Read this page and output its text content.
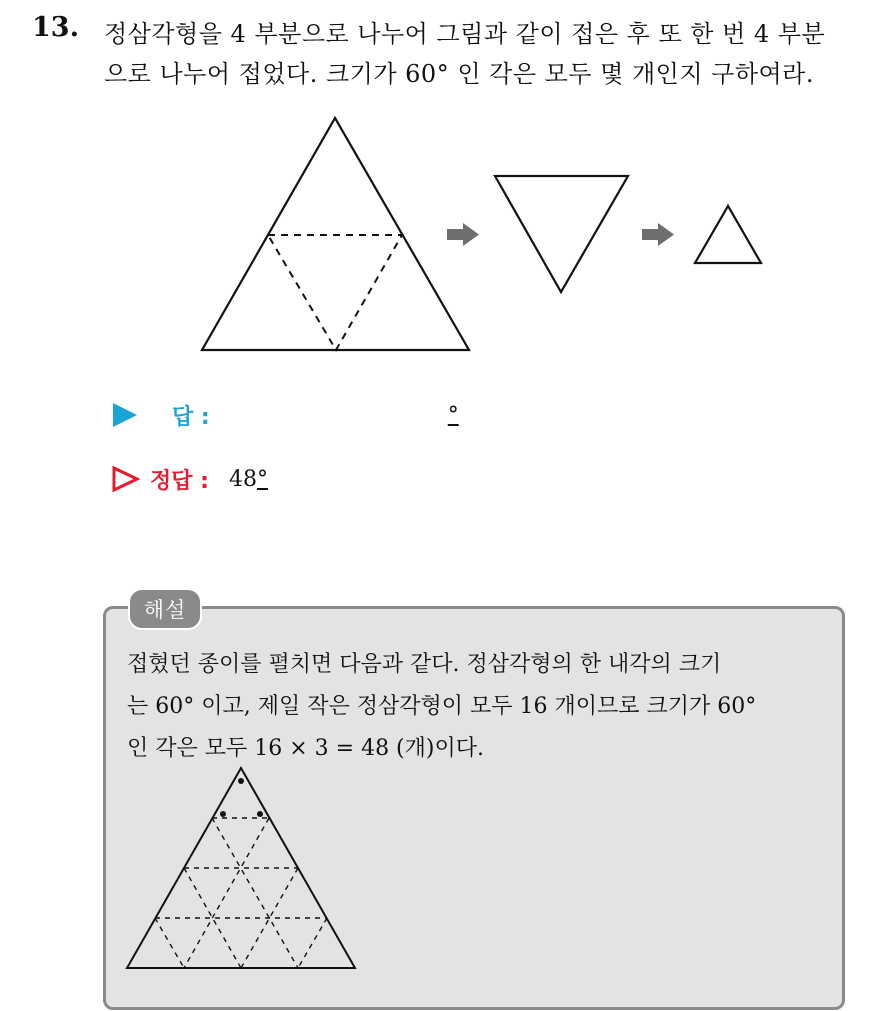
13. 정삼각형을 4 부분으로 나누어 그림과 같이 접은 후 또 한 번 4 부분
으로 나누어 접었다. 크기가 60° 인 각은 모두 몇 개인지 구하여라.
답 :	°
정답 : 48 °
해설
접혔던 종이를 펼치면 다음과 같다. 정삼각형의 한 내각의 크기
는 60° 이고, 제일 작은 정삼각형이 모두 16 개이므로 크기가 60°
인 각은 모두 16 × 3 = 48 (개)이다.
